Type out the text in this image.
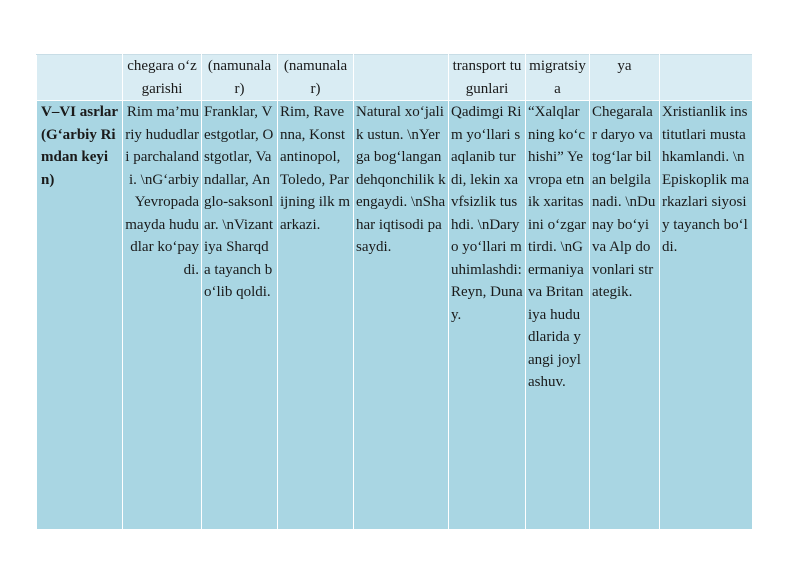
	chegara o‘zgarishi	(namunalar)	(namunalar)		transport tugunlari	migratsiya	ya	
V–VI asrlar (G‘arbiy Rimdan keyin)	Rim ma’muriy hududlari parchalandi. \nG‘arbiy Yevropada mayda hududlar ko‘paydi.	Franklar, Vestgotlar, Ostgotlar, Vandallar, Anglo-saksonlar. \nVizantiya Sharqda tayanch bo‘lib qoldi.	Rim, Ravenna, Konstantinopol, Toledo, Parijning ilk markazi.	Natural xo‘jalik ustun. \nYerga bog‘langan dehqonchilik kengaydi. \nShahar iqtisodi pasaydi.	Qadimgi Rim yo‘llari saqlanib turdi, lekin xavfsizlik tushdi. \nDaryo yo‘llari muhimlashdi: Reyn, Dunay.	“Xalqlarning ko‘chishi” Yevropa etnik xaritasini o‘zgartirdi. \nGermaniya va Britaniya hududlarida yangi joylashuv.	Chegaralar daryo va tog‘lar bilan belgilanadi. \nDunay bo‘yi va Alp dovonlari strategik.	Xristianlik institutlari mustahkamlandi. \nEpiskoplik markazlari siyosiy tayanch bo‘ldi.
